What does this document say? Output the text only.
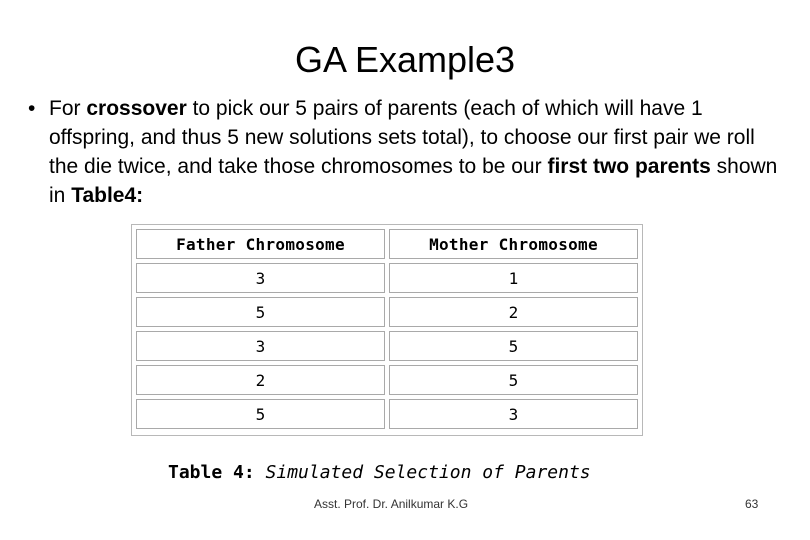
GA Example3
• For crossover to pick our 5 pairs of parents (each of which will have 1 offspring, and thus 5 new solutions sets total), to choose our first pair we roll the die twice, and take those chromosomes to be our first two parents shown in Table4:
Father Chromosome	Mother Chromosome
3	1
5	2
3	5
2	5
5	3
Table 4: Simulated Selection of Parents
Asst. Prof. Dr. Anilkumar K.G	63
